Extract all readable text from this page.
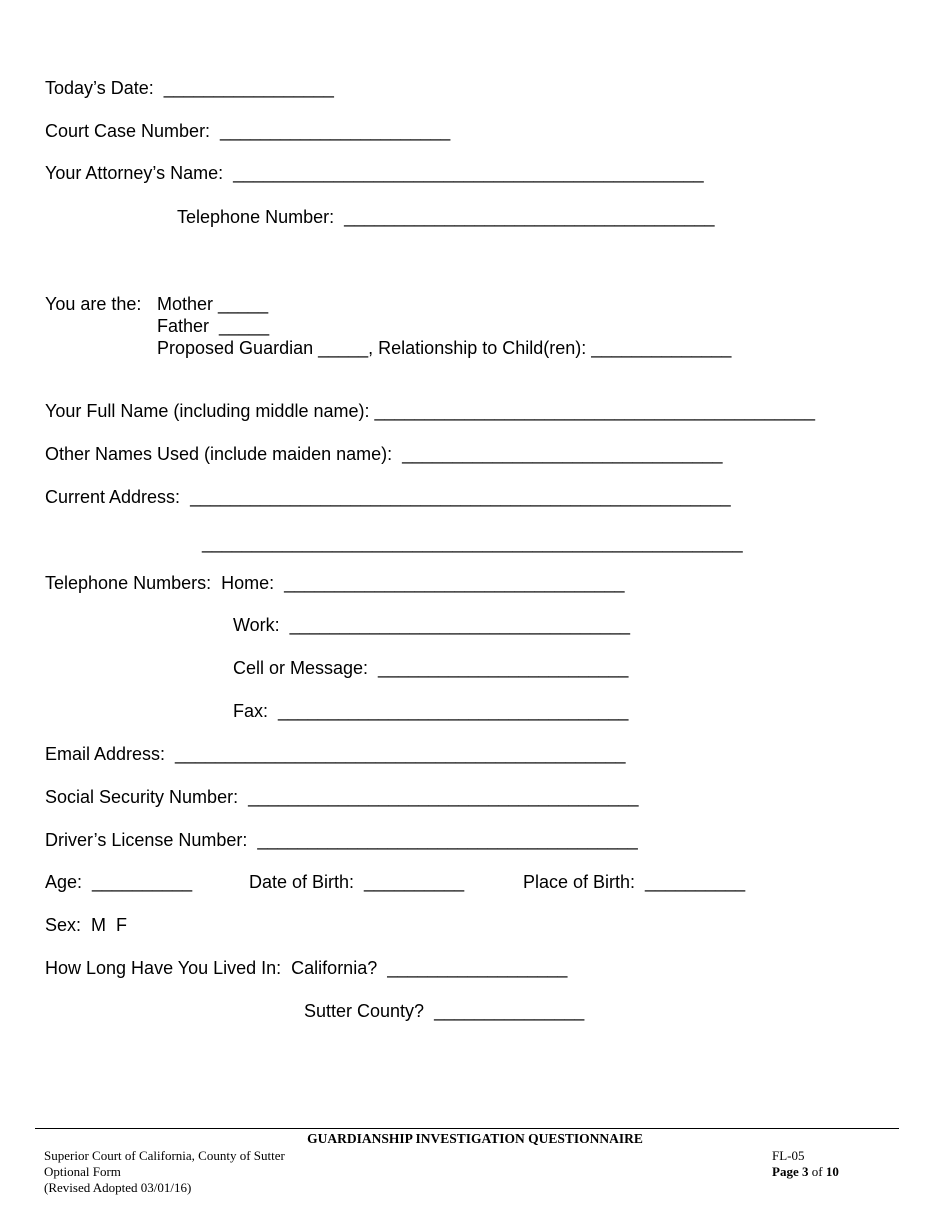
Today’s Date:  _________________
Court Case Number:  _______________________
Your Attorney’s Name:  _______________________________________________
Telephone Number:  _____________________________________
You are the: Mother _____
Father  _____
Proposed Guardian _____, Relationship to Child(ren): ______________
Your Full Name (including middle name): ____________________________________________
Other Names Used (include maiden name):  ________________________________
Current Address:  ______________________________________________________
______________________________________________________
Telephone Numbers:  Home:  __________________________________
Work:  __________________________________
Cell or Message:  _________________________
Fax:  ___________________________________
Email Address:  _____________________________________________
Social Security Number:  _______________________________________
Driver’s License Number:  ______________________________________
Age:  __________	Date of Birth:  __________	Place of Birth:  __________
Sex:  M  F
How Long Have You Lived In:  California?  __________________
Sutter County?  _______________
GUARDIANSHIP INVESTIGATION QUESTIONNAIRE
Superior Court of California, County of Sutter
Optional Form
(Revised Adopted 03/01/16)
FL-05
Page 3 of 10
